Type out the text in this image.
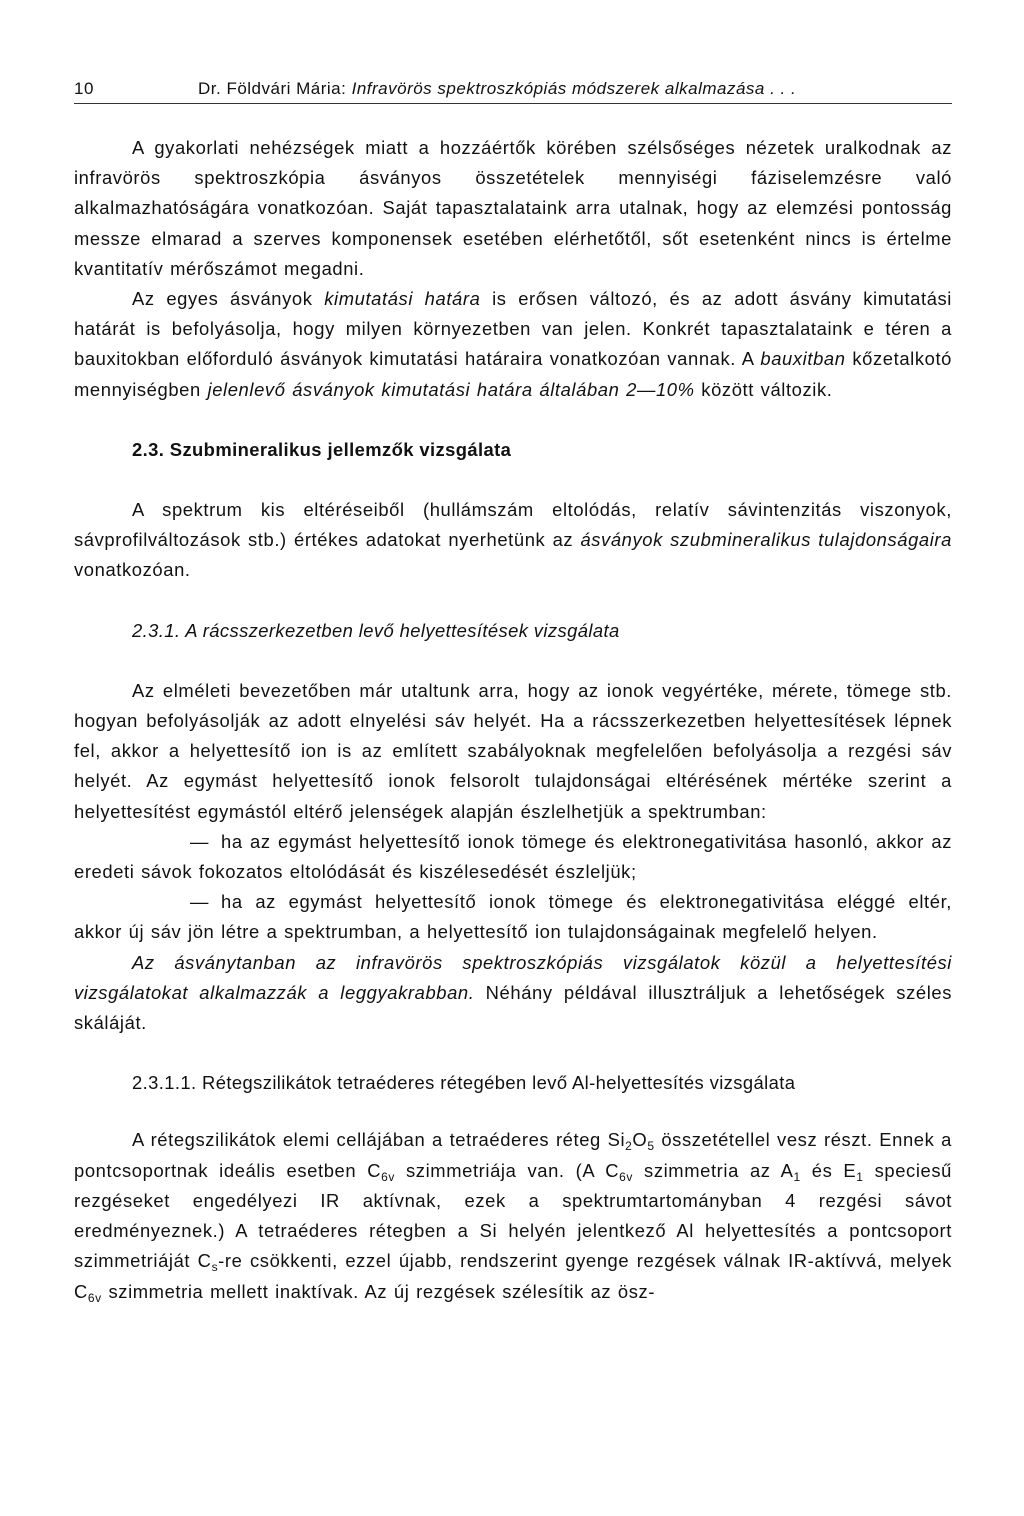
10	Dr. Földvári Mária: Infravörös spektroszkópiás módszerek alkalmazása . . .

A gyakorlati nehézségek miatt a hozzáértők körében szélsőséges nézetek uralkodnak az infravörös spektroszkópia ásványos összetételek mennyiségi fáziselemzésre való alkalmazhatóságára vonatkozóan. Saját tapasztalataink arra utalnak, hogy az elemzési pontosság messze elmarad a szerves komponensek esetében elérhetőtől, sőt esetenként nincs is értelme kvantitatív mérőszámot megadni.

Az egyes ásványok kimutatási határa is erősen változó, és az adott ásvány kimutatási határát is befolyásolja, hogy milyen környezetben van jelen. Konkrét tapasztalataink e téren a bauxitokban előforduló ásványok kimutatási határaira vonatkozóan vannak. A bauxitban kőzetalkotó mennyiségben jelenlevő ásványok kimutatási határa általában 2—10% között változik.

2.3. Szubmineralikus jellemzők vizsgálata

A spektrum kis eltéréseiből (hullámszám eltolódás, relatív sávintenzitás viszonyok, sávprofilváltozások stb.) értékes adatokat nyerhetünk az ásványok szubmineralikus tulajdonságaira vonatkozóan.

2.3.1. A rácsszerkezetben levő helyettesítések vizsgálata

Az elméleti bevezetőben már utaltunk arra, hogy az ionok vegyértéke, mérete, tömege stb. hogyan befolyásolják az adott elnyelési sáv helyét. Ha a rácsszerkezetben helyettesítések lépnek fel, akkor a helyettesítő ion is az említett szabályoknak megfelelően befolyásolja a rezgési sáv helyét. Az egymást helyettesítő ionok felsorolt tulajdonságai eltérésének mértéke szerint a helyettesítést egymástól eltérő jelenségek alapján észlelhetjük a spektrumban:

— ha az egymást helyettesítő ionok tömege és elektronegativitása hasonló, akkor az eredeti sávok fokozatos eltolódását és kiszélesedését észleljük;

— ha az egymást helyettesítő ionok tömege és elektronegativitása eléggé eltér, akkor új sáv jön létre a spektrumban, a helyettesítő ion tulajdonságainak megfelelő helyen.

Az ásványtanban az infravörös spektroszkópiás vizsgálatok közül a helyettesítési vizsgálatokat alkalmazzák a leggyakrabban. Néhány példával illusztráljuk a lehetőségek széles skáláját.

2.3.1.1. Rétegszilikátok tetraéderes rétegében levő Al-helyettesítés vizsgálata

A rétegszilikátok elemi cellájában a tetraéderes réteg $Si_2O_5$ összetétellel vesz részt. Ennek a pontcsoportnak ideális esetben $C_{6v}$ szimmetriája van. (A $C_{6v}$ szimmetria az $A_1$ és $E_1$ speciesű rezgéseket engedélyezi IR aktívnak, ezek a spektrumtartományban 4 rezgési sávot eredményeznek.) A tetraéderes rétegben a Si helyén jelentkező Al helyettesítés a pontcsoport szimmetriáját $C_s-re$ csökkenti, ezzel újabb, rendszerint gyenge rezgések válnak IR-aktívvá, melyek $C_{6v}$ szimmetria mellett inaktívak. Az új rezgések szélesítik az ösz-
